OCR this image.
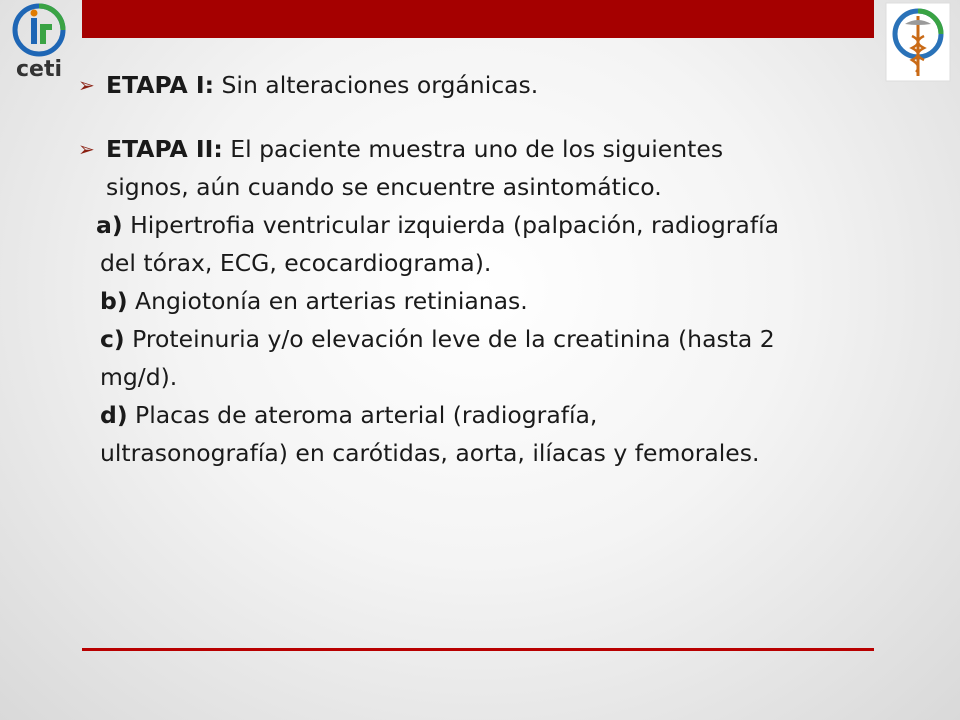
ceti
➢ ETAPA I: Sin alteraciones orgánicas.
➢ ETAPA II: El paciente muestra uno de los siguientes
signos, aún cuando se encuentre asintomático.
a) Hipertrofia ventricular izquierda (palpación, radiografía
del tórax, ECG, ecocardiograma).
b) Angiotonía en arterias retinianas.
c) Proteinuria y/o elevación leve de la creatinina (hasta 2
mg/d).
d) Placas de ateroma arterial (radiografía,
ultrasonografía) en carótidas, aorta, ilíacas y femorales.
